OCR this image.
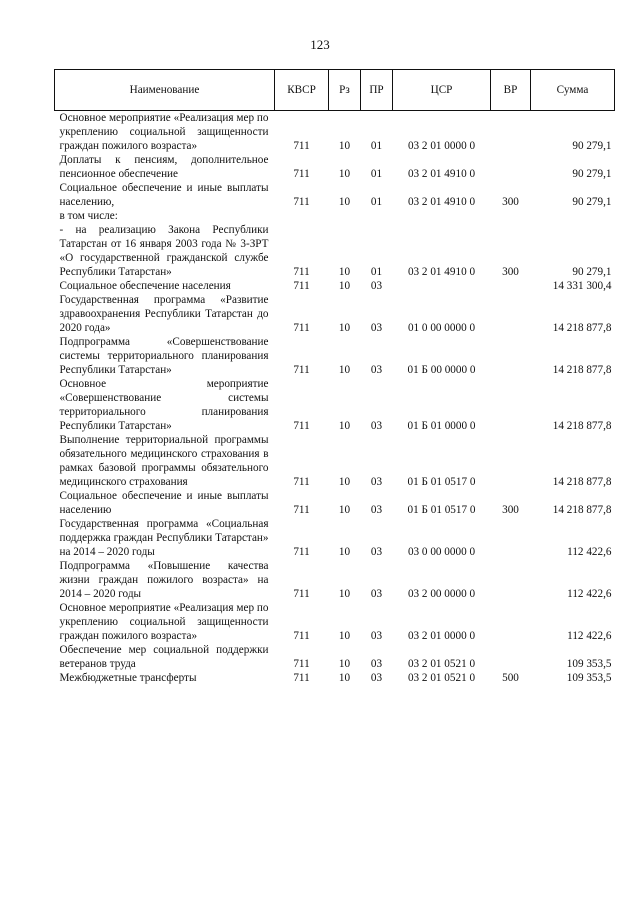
123
Наименование	КВСР	Рз	ПР	ЦСР	ВР	Сумма
Основное мероприятие «Реализация мер по укреплению социальной защищенности граждан пожилого возраста»	711	10	01	03 2 01 0000 0		90 279,1
Доплаты к пенсиям, дополнительное пенсионное обеспечение	711	10	01	03 2 01 4910 0		90 279,1
Социальное обеспечение и иные выплаты населению,	711	10	01	03 2 01 4910 0	300	90 279,1
в том числе:						
- на реализацию Закона Республики Татарстан от 16 января 2003 года № 3-ЗРТ «О государственной гражданской службе Республики Татарстан»	711	10	01	03 2 01 4910 0	300	90 279,1
Социальное обеспечение населения	711	10	03			14 331 300,4
Государственная программа «Развитие здравоохранения Республики Татарстан до 2020 года»	711	10	03	01 0 00 0000 0		14 218 877,8
Подпрограмма «Совершенствование системы территориального планирования Республики Татарстан»	711	10	03	01 Б 00 0000 0		14 218 877,8
Основное мероприятие «Совершенствование системы территориального планирования Республики Татарстан»	711	10	03	01 Б 01 0000 0		14 218 877,8
Выполнение территориальной программы обязательного медицинского страхования в рамках базовой программы обязательного медицинского страхования	711	10	03	01 Б 01 0517 0		14 218 877,8
Социальное обеспечение и иные выплаты населению	711	10	03	01 Б 01 0517 0	300	14 218 877,8
Государственная программа «Социальная поддержка граждан Республики Татарстан» на 2014 – 2020 годы	711	10	03	03 0 00 0000 0		112 422,6
Подпрограмма «Повышение качества жизни граждан пожилого возраста» на 2014 – 2020 годы	711	10	03	03 2 00 0000 0		112 422,6
Основное мероприятие «Реализация мер по укреплению социальной защищенности граждан пожилого возраста»	711	10	03	03 2 01 0000 0		112 422,6
Обеспечение мер социальной поддержки ветеранов труда	711	10	03	03 2 01 0521 0		109 353,5
Межбюджетные трансферты	711	10	03	03 2 01 0521 0	500	109 353,5
